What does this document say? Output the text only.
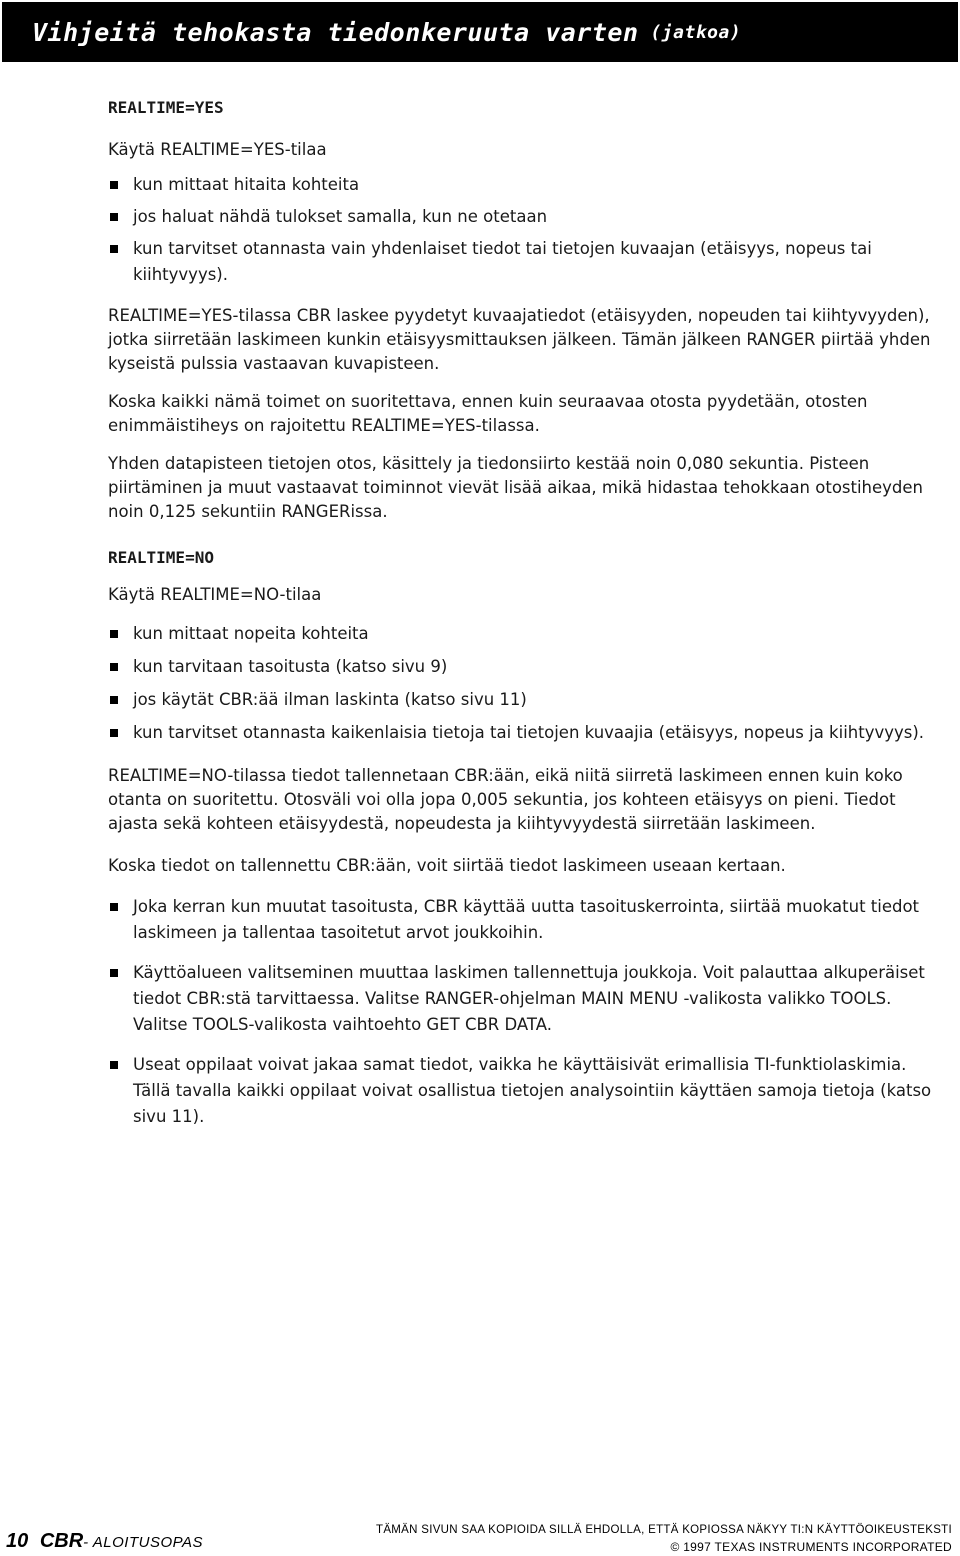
Vihjeitä tehokasta tiedonkeruuta varten (jatkoa)

REALTIME=YES

Käytä REALTIME=YES-tilaa

kun mittaat hitaita kohteita
jos haluat nähdä tulokset samalla, kun ne otetaan
kun tarvitset otannasta vain yhdenlaiset tiedot tai tietojen kuvaajan (etäisyys, nopeus tai kiihtyvyys).

REALTIME=YES-tilassa CBR laskee pyydetyt kuvaajatiedot (etäisyyden, nopeuden tai kiihtyvyyden), jotka siirretään laskimeen kunkin etäisyysmittauksen jälkeen. Tämän jälkeen RANGER piirtää yhden kyseistä pulssia vastaavan kuvapisteen.

Koska kaikki nämä toimet on suoritettava, ennen kuin seuraavaa otosta pyydetään, otosten enimmäistiheys on rajoitettu REALTIME=YES-tilassa.

Yhden datapisteen tietojen otos, käsittely ja tiedonsiirto kestää noin 0,080 sekuntia. Pisteen piirtäminen ja muut vastaavat toiminnot vievät lisää aikaa, mikä hidastaa tehokkaan otostiheyden noin 0,125 sekuntiin RANGERissa.

REALTIME=NO

Käytä REALTIME=NO-tilaa

kun mittaat nopeita kohteita
kun tarvitaan tasoitusta (katso sivu 9)
jos käytät CBR:ää ilman laskinta (katso sivu 11)
kun tarvitset otannasta kaikenlaisia tietoja tai tietojen kuvaajia (etäisyys, nopeus ja kiihtyvyys).

REALTIME=NO-tilassa tiedot tallennetaan CBR:ään, eikä niitä siirretä laskimeen ennen kuin koko otanta on suoritettu. Otosväli voi olla jopa 0,005 sekuntia, jos kohteen etäisyys on pieni. Tiedot ajasta sekä kohteen etäisyydestä, nopeudesta ja kiihtyvyydestä siirretään laskimeen.

Koska tiedot on tallennettu CBR:ään, voit siirtää tiedot laskimeen useaan kertaan.

Joka kerran kun muutat tasoitusta, CBR käyttää uutta tasoituskerrointa, siirtää muokatut tiedot laskimeen ja tallentaa tasoitetut arvot joukkoihin.
Käyttöalueen valitseminen muuttaa laskimen tallennettuja joukkoja. Voit palauttaa alkuperäiset tiedot CBR:stä tarvittaessa. Valitse RANGER-ohjelman MAIN MENU -valikosta valikko TOOLS. Valitse TOOLS-valikosta vaihtoehto GET CBR DATA.
Useat oppilaat voivat jakaa samat tiedot, vaikka he käyttäisivät erimallisia TI-funktiolaskimia. Tällä tavalla kaikki oppilaat voivat osallistua tietojen analysointiin käyttäen samoja tietoja (katso sivu 11).
10 CBR- ALOITUSOPAS
TÄMÄN SIVUN SAA KOPIOIDA SILLÄ EHDOLLA, ETTÄ KOPIOSSA NÄKYY TI:N KÄYTTÖOIKEUSTEKSTI
© 1997 TEXAS INSTRUMENTS INCORPORATED
